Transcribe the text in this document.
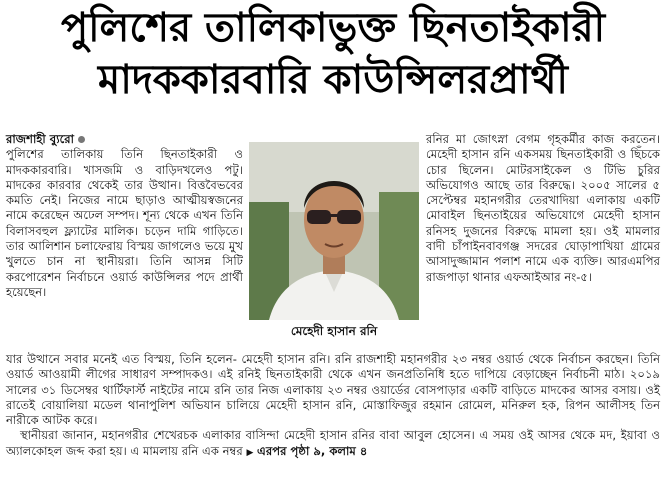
পুলিশের তালিকাভুক্ত ছিনতাইকারী
মাদককারবারি কাউন্সিলরপ্রার্থী

রাজশাহী ব্যুরো

পুলিশের তালিকায় তিনি ছিনতাইকারী ও মাদককারবারি। খাসজমি ও বাড়িদখলেও পটু। মাদকের কারবার থেকেই তার উত্থান। বিত্তবৈভবের কমতি নেই। নিজের নামে ছাড়াও আত্মীয়স্বজনের নামে করেছেন অঢেল সম্পদ। শূন্য থেকে এখন তিনি বিলাসবহুল ফ্ল্যাটের মালিক। চড়েন দামি গাড়িতে। তার আলিশান চলাফেরায় বিস্ময় জাগলেও ভয়ে মুখ খুলতে চান না স্থানীয়রা। তিনি আসন্ন সিটি করপোরেশন নির্বাচনে ওয়ার্ড কাউন্সিলর পদে প্রার্থী হয়েছেন।

মেহেদী হাসান রনি

রনির মা জোৎস্না বেগম গৃহকর্মীর কাজ করতেন। মেহেদী হাসান রনি একসময় ছিনতাইকারী ও ছিঁচকে চোর ছিলেন। মোটরসাইকেল ও টিভি চুরির অভিযোগও আছে তার বিরুদ্ধে। ২০০৫ সালের ৫ সেপ্টেম্বর মহানগরীর তেরখাদিয়া এলাকায় একটি মোবাইল ছিনতাইয়ের অভিযোগে মেহেদী হাসান রনিসহ দুজনের বিরুদ্ধে মামলা হয়। ওই মামলার বাদী চাঁপাইনবাবগঞ্জ সদরের ঘোড়াপাখিয়া গ্রামের আসাদুজ্জামান পলাশ নামে এক ব্যক্তি। আরএমপির রাজপাড়া থানার এফআইআর নং-৫।

যার উত্থানে সবার মনেই এত বিস্ময়, তিনি হলেন- মেহেদী হাসান রনি। রনি রাজশাহী মহানগরীর ২৩ নম্বর ওয়ার্ড থেকে নির্বাচন করছেন। তিনি ওয়ার্ড আওয়ামী লীগের সাধারণ সম্পাদকও। এই রনিই ছিনতাইকারী থেকে এখন জনপ্রতিনিধি হতে দাপিয়ে বেড়াচ্ছেন নির্বাচনী মাঠ। ২০১৯ সালের ৩১ ডিসেম্বর থার্টিফার্স্ট নাইটের নামে রনি তার নিজ এলাকায় ২৩ নম্বর ওয়ার্ডের বোসপাড়ার একটি বাড়িতে মাদকের আসর বসায়। ওই রাতেই বোয়ালিয়া মডেল থানাপুলিশ অভিযান চালিয়ে মেহেদী হাসান রনি, মোস্তাফিজুর রহমান রোমেল, মনিরুল হক, রিপন আলীসহ তিন নারীকে আটক করে।

স্থানীয়রা জানান, মহানগরীর শেখেরচক এলাকার বাসিন্দা মেহেদী হাসান রনির বাবা আবুল হোসেন। এ সময় ওই আসর থেকে মদ, ইয়াবা ও অ্যালকোহল জব্দ করা হয়। এ মামলায় রনি এক নম্বর ▶ এরপর পৃষ্ঠা ৯, কলাম ৪
